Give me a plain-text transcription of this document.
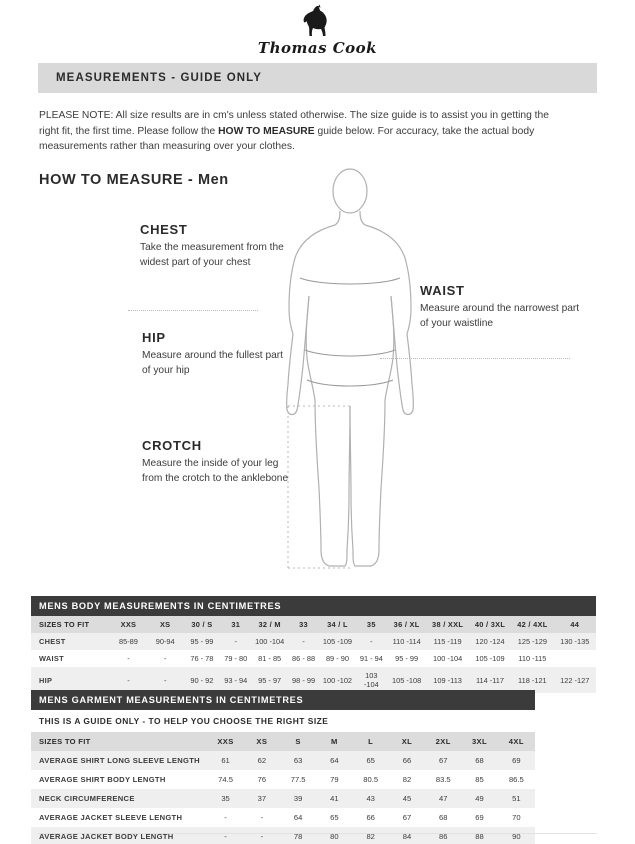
Thomas Cook
MEASUREMENTS - GUIDE ONLY
PLEASE NOTE: All size results are in cm's unless stated otherwise. The size guide is to assist you in getting the right fit, the first time. Please follow the HOW TO MEASURE guide below. For accuracy, take the actual body measurements rather than measuring over your clothes.
HOW TO MEASURE - Men
CHEST

Take the measurement from the widest part of your chest

WAIST

Measure around the narrowest part of your waistline

HIP

Measure around the fullest part of your hip

CROTCH

Measure the inside of your leg from the crotch to the anklebone

MENS BODY MEASUREMENTS IN CENTIMETRES
SIZES TO FIT	XXS	XS	30 / S	31	32 / M	33	34 / L	35	36 / XL	38 / XXL	40 / 3XL	42 / 4XL	44
CHEST	85-89	90-94	95 - 99	-	100 -104	-	105 -109	-	110 -114	115 -119	120 -124	125 -129	130 -135
WAIST	-	-	76 - 78	79 - 80	81 - 85	86 - 88	89 - 90	91 - 94	95 - 99	100 -104	105 -109	110 -115	
HIP	-	-	90 - 92	93 - 94	95 - 97	98 - 99	100 -102	103 -104	105 -108	109 -113	114 -117	118 -121	122 -127
MENS GARMENT MEASUREMENTS IN CENTIMETRES
THIS IS A GUIDE ONLY - TO HELP YOU CHOOSE THE RIGHT SIZE
SIZES TO FIT	XXS	XS	S	M	L	XL	2XL	3XL	4XL
AVERAGE SHIRT LONG SLEEVE LENGTH	61	62	63	64	65	66	67	68	69
AVERAGE SHIRT BODY LENGTH	74.5	76	77.5	79	80.5	82	83.5	85	86.5
NECK CIRCUMFERENCE	35	37	39	41	43	45	47	49	51
AVERAGE JACKET SLEEVE LENGTH	-	-	64	65	66	67	68	69	70
AVERAGE JACKET BODY LENGTH	-	-	78	80	82	84	86	88	90
